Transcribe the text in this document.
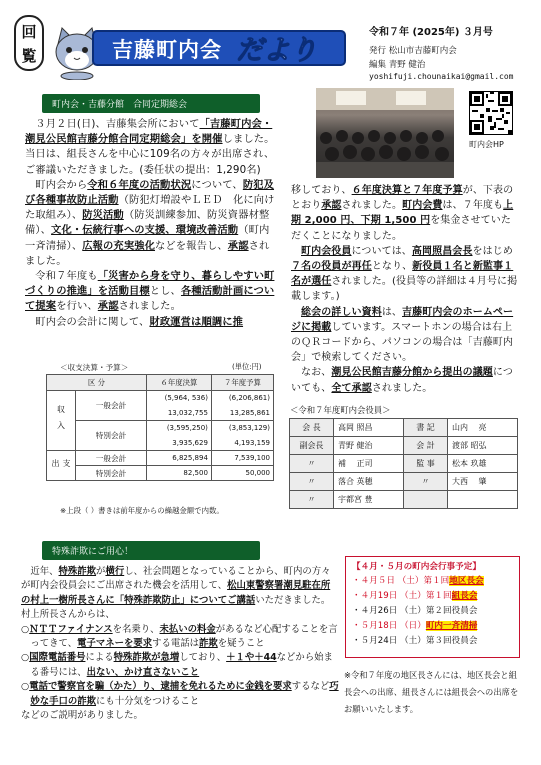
回
覧	吉藤町内会 だより
令和７年 (2025年) ３月号
発行 松山市吉藤町内会
編集 青野 健治
yoshifuji.chounaikai@gmail.com
町内会・吉藤分館　合同定期総会
町内会HP

３月２日(日)、吉藤集会所において「吉藤町内会・潮見公民館吉藤分館合同定期総会」を開催しました。当日は、組長さんを中心に109名の方々が出席され、ご審議いただきました。(委任状の提出：1,290名)

町内会から令和６年度の活動状況について、防犯及び各種事故防止活動（防犯灯増設やＬＥＤ　化に向けた取組み）、防災活動（防災訓練参加、防災資器材整備）、文化・伝統行事への支援、環境改善活動（町内一斉清掃）、広報の充実強化などを報告し、承認されました。

令和７年度も「災害から身を守り、暮らしやすい町づくりの推進」を活動目標とし、各種活動計画について提案を行い、承認されました。

町内会の会計に関して、財政運営は順調に推

移しており、６年度決算と７年度予算が、下表のとおり承認されました。町内会費は、７年度も上期 2,000 円、下期 1,500 円を集金させていただくことになりました。

町内会役員については、高岡照昌会長をはじめ７名の役員が再任となり、新役員１名と新監事１名が選任されました。(役員等の詳細は４月号に掲載します。)

総会の詳しい資料は、吉藤町内会のホームページに掲載しています。スマートホンの場合は右上のＱＲコードから、パソコンの場合は「吉藤町内会」で検索してください。

なお、潮見公民館吉藤分館から提出の議題についても、全て承認されました。

＜収支決算・予算＞	(単位:円)
区 分		６年度決算	７年度予算
収入	一般会計	(5,964, 536)	(6,206,861)
		13,032,755	13,285,861
	特別会計	(3,595,250)	(3,853,129)
		3,935,629	4,193,159
支出	一般会計	6,825,894	7,539,100
	特別会計	82,500	50,000
※上段（ ）書きは前年度からの繰越金額で内数。
＜令和７年度町内会役員＞
会 長	高岡 照昌	書 記	山内 　亮
副会長	青野 健治	会 計	渡部 昭弘
〃	補 　正司	監 事	松本 玖雄
〃	落合 英穂	〃	大西 　肇
〃	宇都宮 豊		
特殊詐欺にご用心！

近年、特殊詐欺が横行し、社会問題となっていることから、町内の方々が町内会役員会にご出席された機会を活用して、松山東警察署潮見駐在所の村上一樹所長さんに「特殊詐欺防止」についてご講話いただきました。村上所長さんからは、

○ＮＴＴファイナンスを名乗り、未払いの料金があるなど心配することを言ってきて、電子マネーを要求する電話は詐欺を疑うこと
○国際電話番号による特殊詐欺が急増しており、＋１や＋44などから始まる番号には、出ない、かけ直さないこと
○電話で警察官を騙（かた）り、逮捕を免れるために金銭を要求するなど巧妙な手口の詐欺にも十分気をつけること
などのご説明がありました。
【４月・５月の町内会行事予定】
・４月５日 （土）第１回地区長会
・４月19日 （土）第１回組長会
・４月26日 （土）第２回役員会
・５月18日 （日）町内一斉清掃
・５月24日 （土）第３回役員会
※令和７年度の地区長さんには、地区長会と組長会への出席、組長さんには組長会への出席をお願いいたします。
